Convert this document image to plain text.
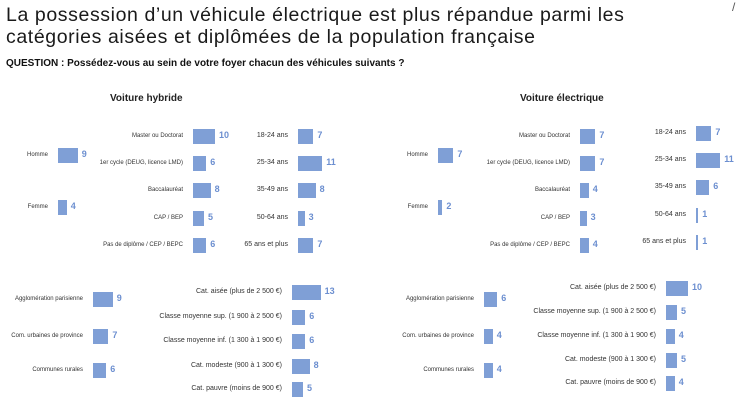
La possession d’un véhicule électrique est plus répandue parmi les
catégories aisées et diplômées de la population française
QUESTION : Possédez-vous au sein de votre foyer chacun des véhicules suivants ?
/
Voiture hybride
Homme	9
Femme	4
Master ou Doctorat	10
1er cycle (DEUG, licence LMD)	6
Baccalauréat	8
CAP / BEP	5
Pas de diplôme / CEP / BEPC	6
18-24 ans	7
25-34 ans	11
35-49 ans	8
50-64 ans 3
65 ans et plus	7
Agglomération parisienne	9
Com. urbaines de province	7
Communes rurales	6
Cat. aisée (plus de 2 500 €)	13
Classe moyenne sup. (1 900 à 2 500 €)	6
Classe moyenne inf. (1 300 à 1 900 €)	6
Cat. modeste (900 à 1 300 €)	8
Cat. pauvre (moins de 900 €)	5
Voiture électrique
Homme	7
Femme 2
Master ou Doctorat	7
1er cycle (DEUG, licence LMD)	7
Baccalauréat	4
CAP / BEP 3
Pas de diplôme / CEP / BEPC	4
18-24 ans	7
25-34 ans	11
35-49 ans	6
50-64 ans 1
65 ans et plus 1
Agglomération parisienne	6
Com. urbaines de province	4
Communes rurales	4
Cat. aisée (plus de 2 500 €)	10
Classe moyenne sup. (1 900 à 2 500 €)	5
Classe moyenne inf. (1 300 à 1 900 €)	4
Cat. modeste (900 à 1 300 €)	5
Cat. pauvre (moins de 900 €)	4
